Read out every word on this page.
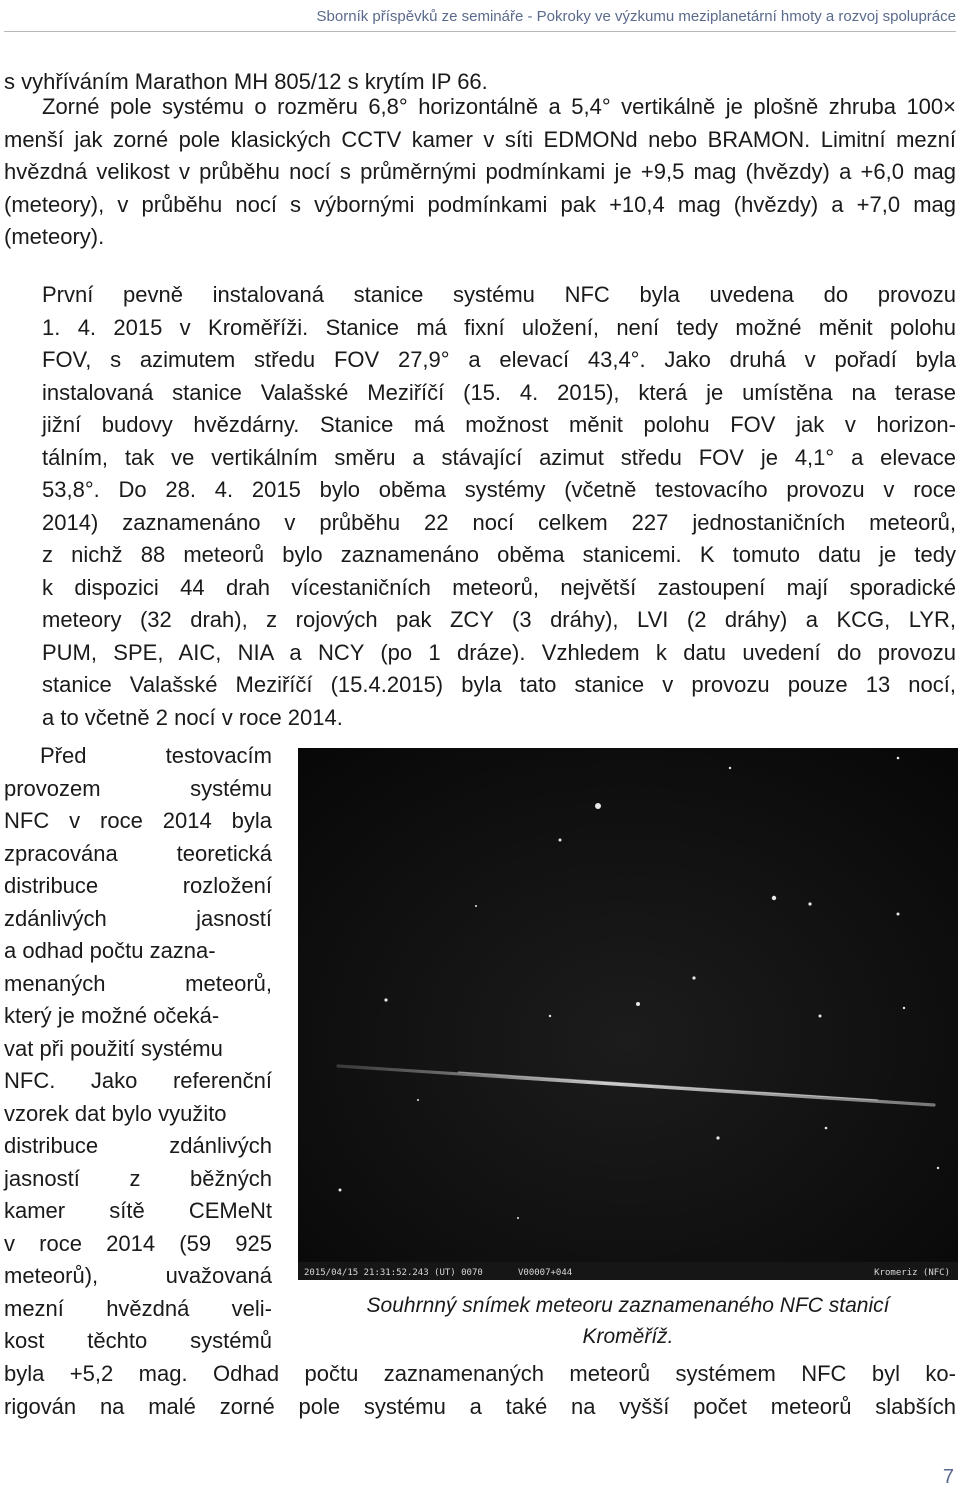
Sborník příspěvků ze semináře - Pokroky ve výzkumu meziplanetární hmoty a rozvoj spolupráce

s vyhříváním Marathon MH 805/12 s krytím IP 66.

Zorné pole systému o rozměru 6,8° horizontálně a 5,4° vertikálně je plošně zhruba 100× menší jak zorné pole klasických CCTV kamer v síti EDMONd nebo BRAMON. Limitní mezní hvězdná velikost v průběhu nocí s průměrnými podmínkami je +9,5 mag (hvězdy) a +6,0 mag (meteory), v průběhu nocí s výbornými podmínkami pak +10,4 mag (hvězdy) a +7,0 mag (meteory).

První pevně instalovaná stanice systému NFC byla uvedena do provozu
1. 4. 2015 v Kroměříži. Stanice má fixní uložení, není tedy možné měnit polohu
FOV, s azimutem středu FOV 27,9° a elevací 43,4°. Jako druhá v pořadí byla
instalovaná stanice Valašské Meziříčí (15. 4. 2015), která je umístěna na terase
jižní budovy hvězdárny. Stanice má možnost měnit polohu FOV jak v horizon-
tálním, tak ve vertikálním směru a stávající azimut středu FOV je 4,1° a elevace
53,8°. Do 28. 4. 2015 bylo oběma systémy (včetně testovacího provozu v roce
2014) zaznamenáno v průběhu 22 nocí celkem 227 jednostaničních meteorů,
z nichž 88 meteorů bylo zaznamenáno oběma stanicemi. K tomuto datu je tedy
k dispozici 44 drah vícestaničních meteorů, největší zastoupení mají sporadické
meteory (32 drah), z rojových pak ZCY (3 dráhy), LVI (2 dráhy) a KCG, LYR,
PUM, SPE, AIC, NIA a NCY (po 1 dráze). Vzhledem k datu uvedení do provozu
stanice Valašské Meziříčí (15.4.2015) byla tato stanice v provozu pouze 13 nocí,
a to včetně 2 nocí v roce 2014.

Před testovacím
provozem systému
NFC v roce 2014 byla
zpracována teoretická
distribuce rozložení
zdánlivých jasností
a odhad počtu zazna-
menaných meteorů,
který je možné očeká-
vat při použití systému
NFC. Jako referenční
vzorek dat bylo využito
distribuce zdánlivých
jasností z běžných
kamer sítě CEMeNt
v roce 2014 (59 925
meteorů), uvažovaná
mezní hvězdná veli-
kost těchto systémů
2015/04/15 21:31:52.243 (UT) 0070	V00007+044	Kromeriz (NFC)

Souhrnný snímek meteoru zaznamenaného NFC stanicí
Kroměříž.

byla +5,2 mag. Odhad počtu zaznamenaných meteorů systémem NFC byl ko-
rigován na malé zorné pole systému a také na vyšší počet meteorů slabších

7
